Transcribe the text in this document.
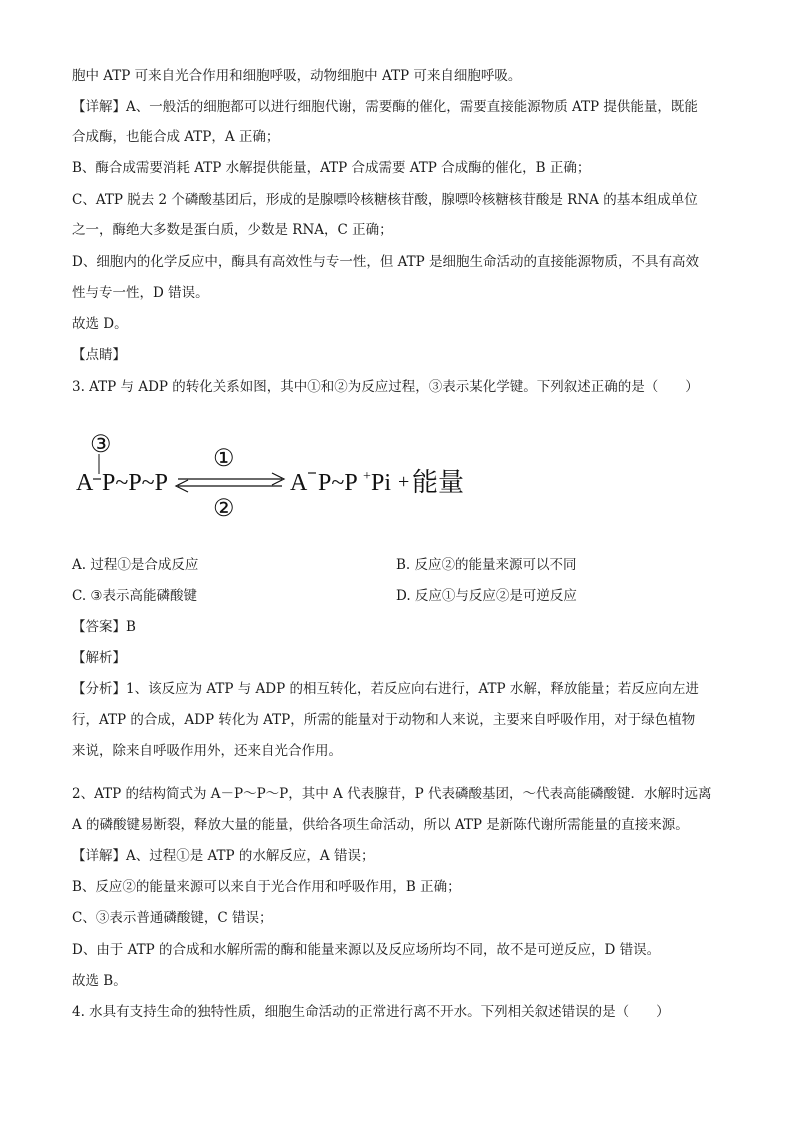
胞中 ATP 可来自光合作用和细胞呼吸，动物细胞中 ATP 可来自细胞呼吸。
【详解】A、一般活的细胞都可以进行细胞代谢，需要酶的催化，需要直接能源物质 ATP 提供能量，既能
合成酶，也能合成 ATP，A 正确；
B、酶合成需要消耗 ATP 水解提供能量，ATP 合成需要 ATP 合成酶的催化，B 正确；
C、ATP 脱去 2 个磷酸基团后，形成的是腺嘌呤核糖核苷酸，腺嘌呤核糖核苷酸是 RNA 的基本组成单位
之一，酶绝大多数是蛋白质，少数是 RNA，C 正确；
D、细胞内的化学反应中，酶具有高效性与专一性，但 ATP 是细胞生命活动的直接能源物质，不具有高效
性与专一性，D 错误。
故选 D。
【点睛】
3. ATP 与 ADP 的转化关系如图，其中①和②为反应过程，③表示某化学键。下列叙述正确的是（　　）
③
A P~P~P
①
②
A P~P + Pi + 能量
A. 过程①是合成反应	B. 反应②的能量来源可以不同
C. ③表示高能磷酸键	D. 反应①与反应②是可逆反应
【答案】B
【解析】
【分析】1、该反应为 ATP 与 ADP 的相互转化，若反应向右进行，ATP 水解，释放能量；若反应向左进
行，ATP 的合成，ADP 转化为 ATP，所需的能量对于动物和人来说，主要来自呼吸作用，对于绿色植物
来说，除来自呼吸作用外，还来自光合作用。
2、ATP 的结构简式为 A－P～P～P，其中 A 代表腺苷，P 代表磷酸基团，～代表高能磷酸键．水解时远离
A 的磷酸键易断裂，释放大量的能量，供给各项生命活动，所以 ATP 是新陈代谢所需能量的直接来源。
【详解】A、过程①是 ATP 的水解反应，A 错误；
B、反应②的能量来源可以来自于光合作用和呼吸作用，B 正确；
C、③表示普通磷酸键，C 错误；
D、由于 ATP 的合成和水解所需的酶和能量来源以及反应场所均不同，故不是可逆反应，D 错误。
故选 B。
4. 水具有支持生命的独特性质，细胞生命活动的正常进行离不开水。下列相关叙述错误的是（　　）
